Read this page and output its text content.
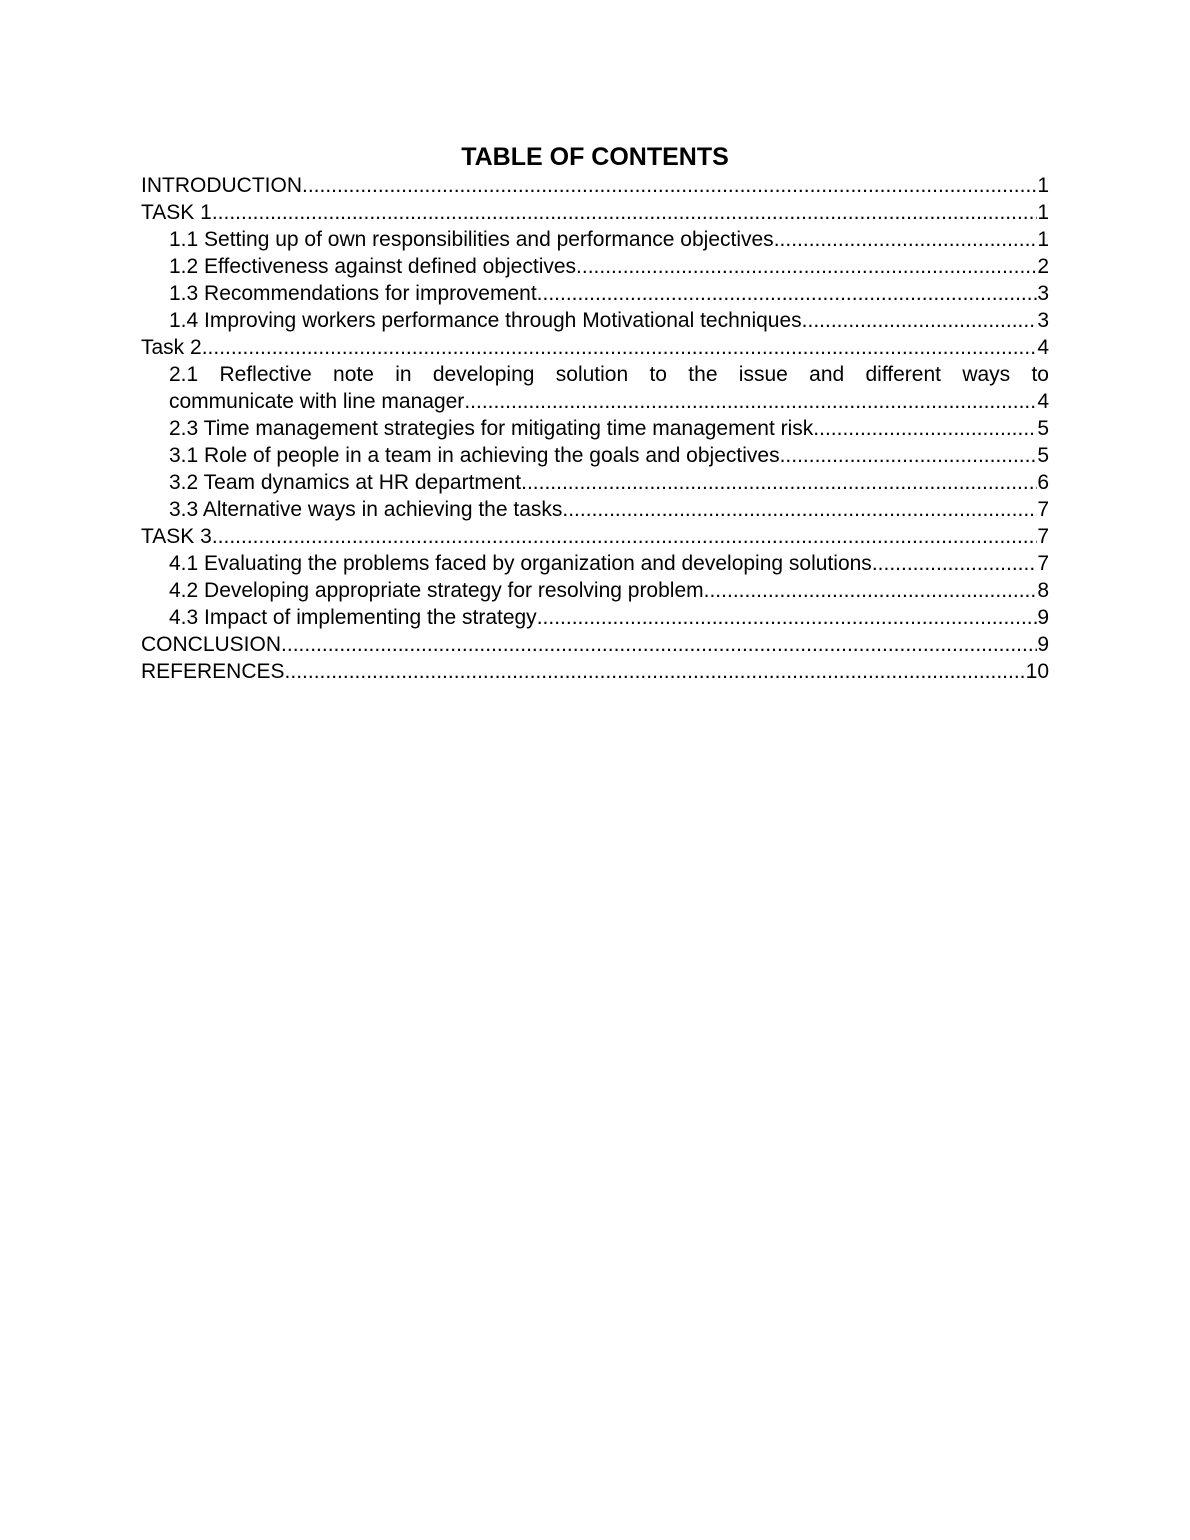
TABLE OF CONTENTS
INTRODUCTION .....	1
TASK 1 .....	1
1.1 Setting up of own responsibilities and performance objectives .....	1
1.2 Effectiveness against defined objectives .....	2
1.3 Recommendations for improvement .....	3
1.4 Improving workers performance through Motivational techniques .....	3
Task 2 .....	4
2.1 Reflective note in developing solution to the issue and different ways to
communicate with line manager .....	4
2.3 Time management strategies for mitigating time management risk .....	5
3.1 Role of people in a team in achieving the goals and objectives .....	5
3.2 Team dynamics at HR department .....	6
3.3 Alternative ways in achieving the tasks .....	7
TASK 3 .....	7
4.1 Evaluating the problems faced by organization and developing solutions .....	7
4.2 Developing appropriate strategy for resolving problem .....	8
4.3 Impact of implementing the strategy .....	9
CONCLUSION .....	9
REFERENCES .....	10
